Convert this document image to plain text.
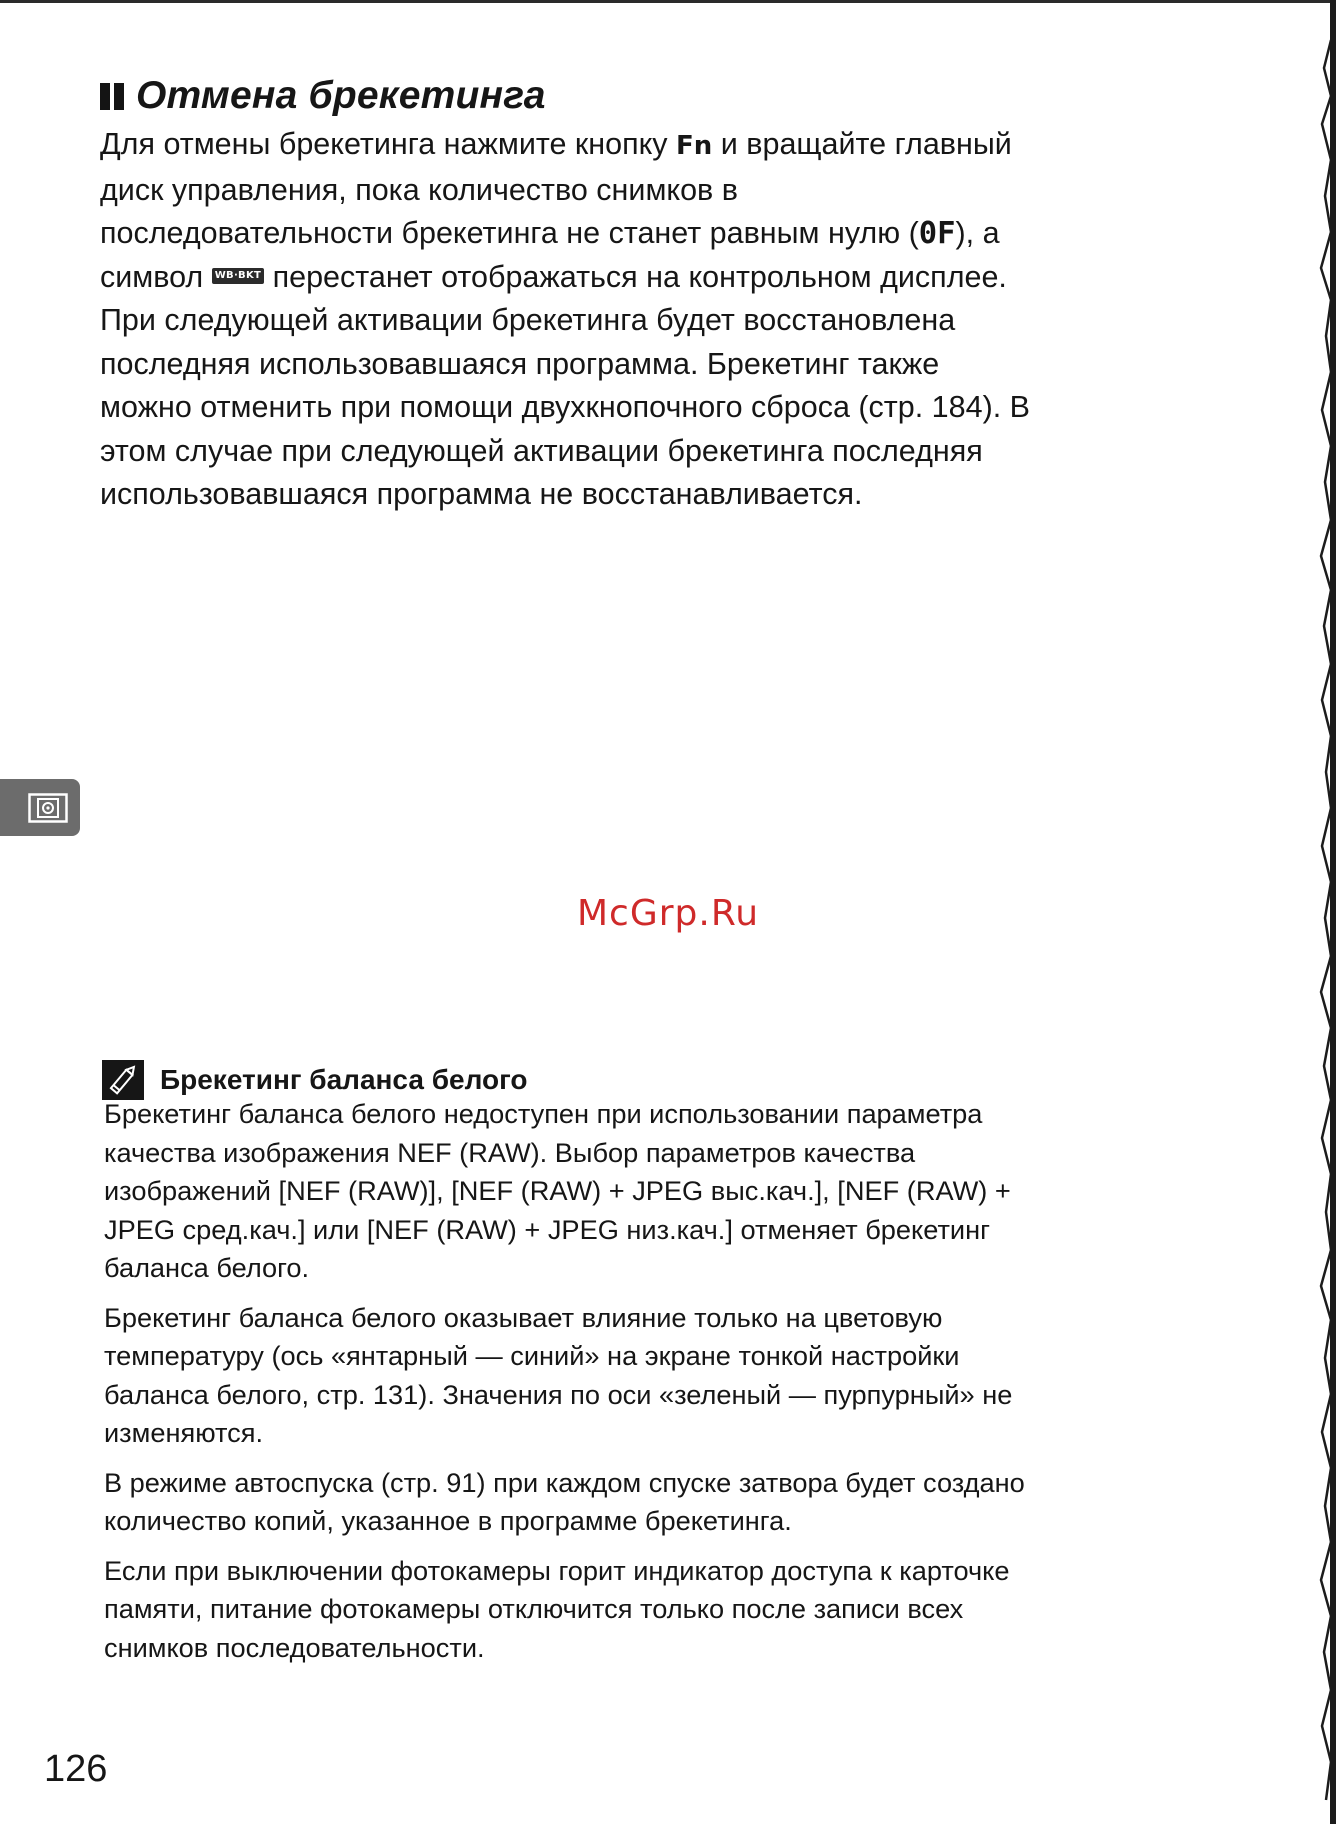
Отмена брекетинга
Для отмены брекетинга нажмите кнопку Fn и вращайте главный
диск управления, пока количество снимков в
последовательности брекетинга не станет равным нулю (0F), а
символ WB·BKT перестанет отображаться на контрольном дисплее.
При следующей активации брекетинга будет восстановлена
последняя использовавшаяся программа. Брекетинг также
можно отменить при помощи двухкнопочного сброса (стр. 184). В
этом случае при следующей активации брекетинга последняя
использовавшаяся программа не восстанавливается.
McGrp.Ru
Брекетинг баланса белого

Брекетинг баланса белого недоступен при использовании параметра
качества изображения NEF (RAW). Выбор параметров качества
изображений [NEF (RAW)], [NEF (RAW) + JPEG выс.кач.], [NEF (RAW) +
JPEG сред.кач.] или [NEF (RAW) + JPEG низ.кач.] отменяет брекетинг
баланса белого.

Брекетинг баланса белого оказывает влияние только на цветовую
температуру (ось «янтарный — синий» на экране тонкой настройки
баланса белого, стр. 131). Значения по оси «зеленый — пурпурный» не
изменяются.

В режиме автоспуска (стр. 91) при каждом спуске затвора будет создано
количество копий, указанное в программе брекетинга.

Если при выключении фотокамеры горит индикатор доступа к карточке
памяти, питание фотокамеры отключится только после записи всех
снимков последовательности.

126
